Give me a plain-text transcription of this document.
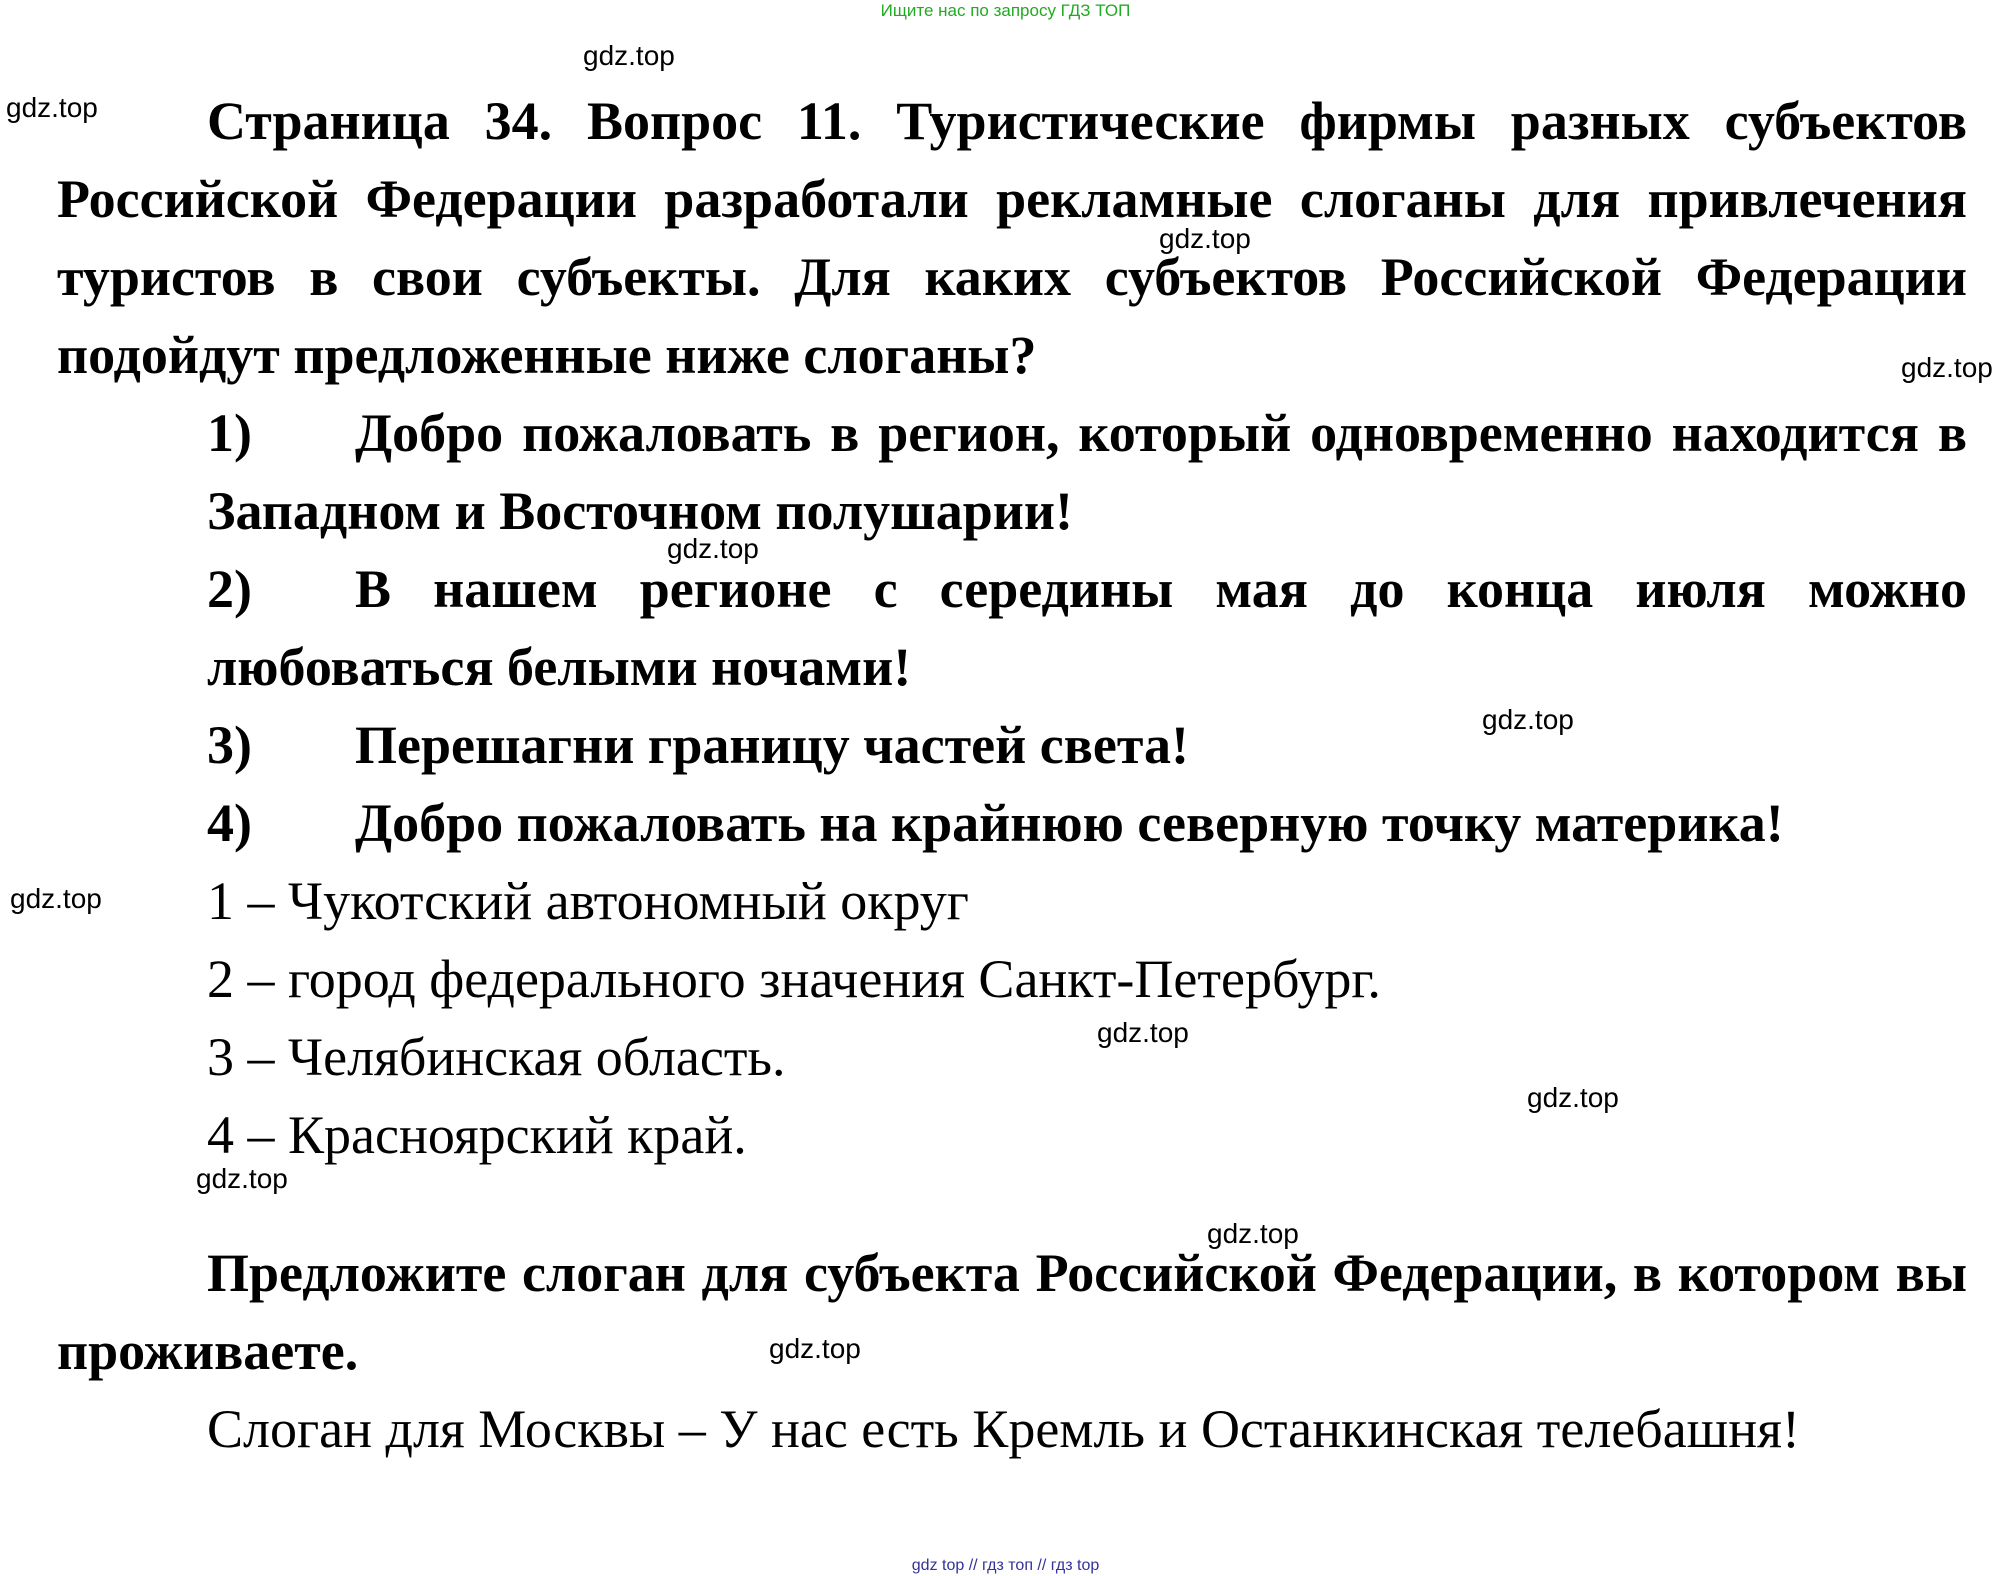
Ищите нас по запросу ГДЗ ТОП

Страница 34. Вопрос 11. Туристические фирмы разных субъектов Российской Федерации разработали рекламные слоганы для привлечения туристов в свои субъекты. Для каких субъектов Российской Федерации подойдут предложенные ниже слоганы?

1) Добро пожаловать в регион, который одновременно находится в Западном и Восточном полушарии!

2) В нашем регионе с середины мая до конца июля можно любоваться белыми ночами!

3) Перешагни границу частей света!

4) Добро пожаловать на крайнюю северную точку материка!

1 – Чукотский автономный округ

2 – город федерального значения Санкт-Петербург.

3 – Челябинская область.

4 – Красноярский край.

Предложите слоган для субъекта Российской Федерации, в котором вы проживаете.

Слоган для Москвы – У нас есть Кремль и Останкинская телебашня!

gdz.top
gdz.top
gdz.top
gdz.top
gdz.top
gdz.top
gdz.top
gdz.top
gdz.top
gdz.top
gdz.top
gdz.top
gdz top // гдз топ // гдз top
